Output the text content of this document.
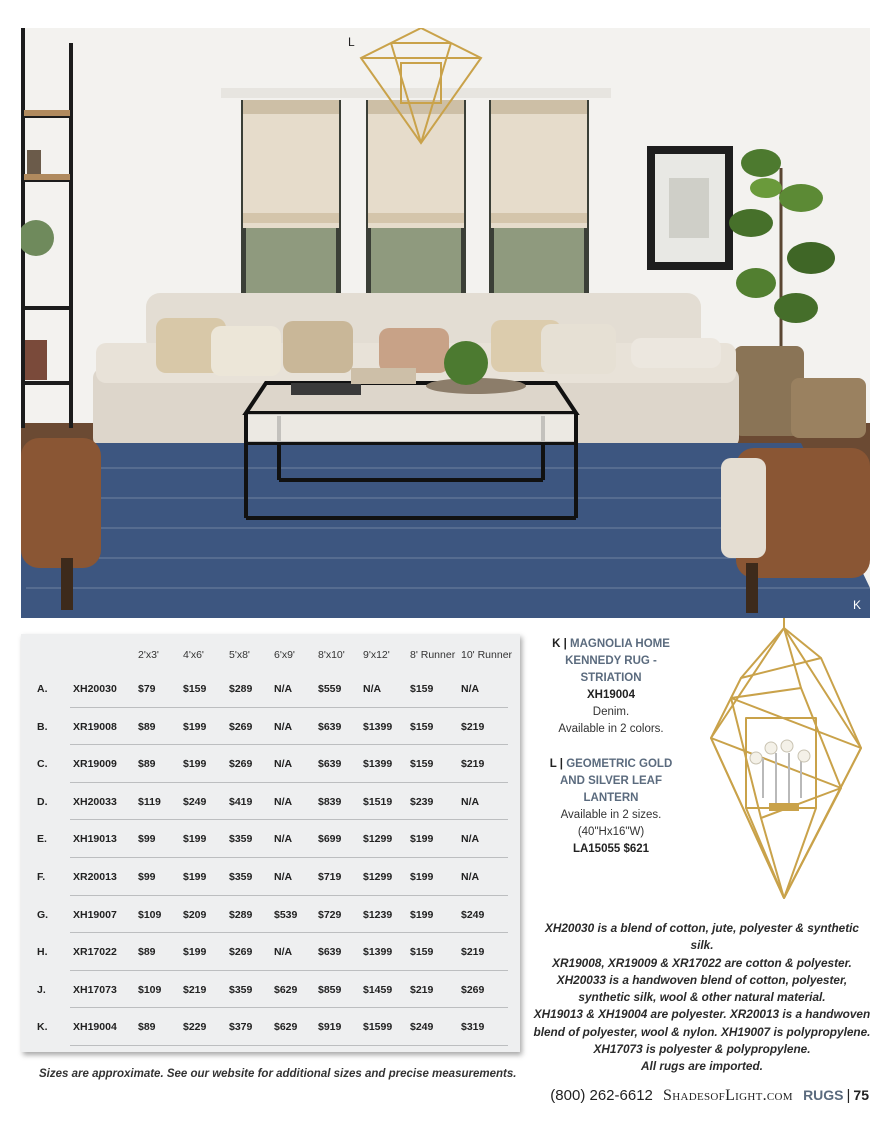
L
K
2'x3' 4'x6' 5'x8' 6'x9' 8'x10' 9'x12' 8' Runner 10' Runner
A. XH20030 $79	$159 $289 N/A $559 N/A	$159	N/A
B. XR19008 $89	$199 $269 N/A $639 $1399 $159	$219
C. XR19009 $89	$199 $269 N/A $639 $1399 $159	$219
D. XH20033 $119 $249 $419 N/A $839 $1519 $239	N/A
E. XH19013 $99	$199 $359 N/A $699 $1299 $199	N/A
F.	XR20013 $99	$199 $359 N/A $719 $1299 $199	N/A
G. XH19007 $109 $209 $289 $539 $729 $1239 $199	$249
H. XR17022 $89	$199 $269 N/A $639 $1399 $159	$219
J.	XH17073 $109 $219 $359 $629 $859 $1459 $219	$269
K. XH19004 $89	$229 $379 $629 $919 $1599 $249	$319
Sizes are approximate. See our website for additional sizes and precise measurements.
K | MAGNOLIA HOME KENNEDY RUG - STRIATION
XH19004
Denim.
Available in 2 colors.
L | GEOMETRIC GOLD AND SILVER LEAF LANTERN
Available in 2 sizes.
(40"Hx16"W)
LA15055 $621
XH20030 is a blend of cotton, jute, polyester & synthetic silk.
XR19008, XR19009 & XR17022 are cotton & polyester.
XH20033 is a handwoven blend of cotton, polyester,
synthetic silk, wool & other natural material.
XH19013 & XH19004 are polyester. XR20013 is a handwoven
blend of polyester, wool & nylon. XH19007 is polypropylene.
XH17073 is polyester & polypropylene.
All rugs are imported.
(800) 262-6612 ShadesofLight.com RUGS | 75
